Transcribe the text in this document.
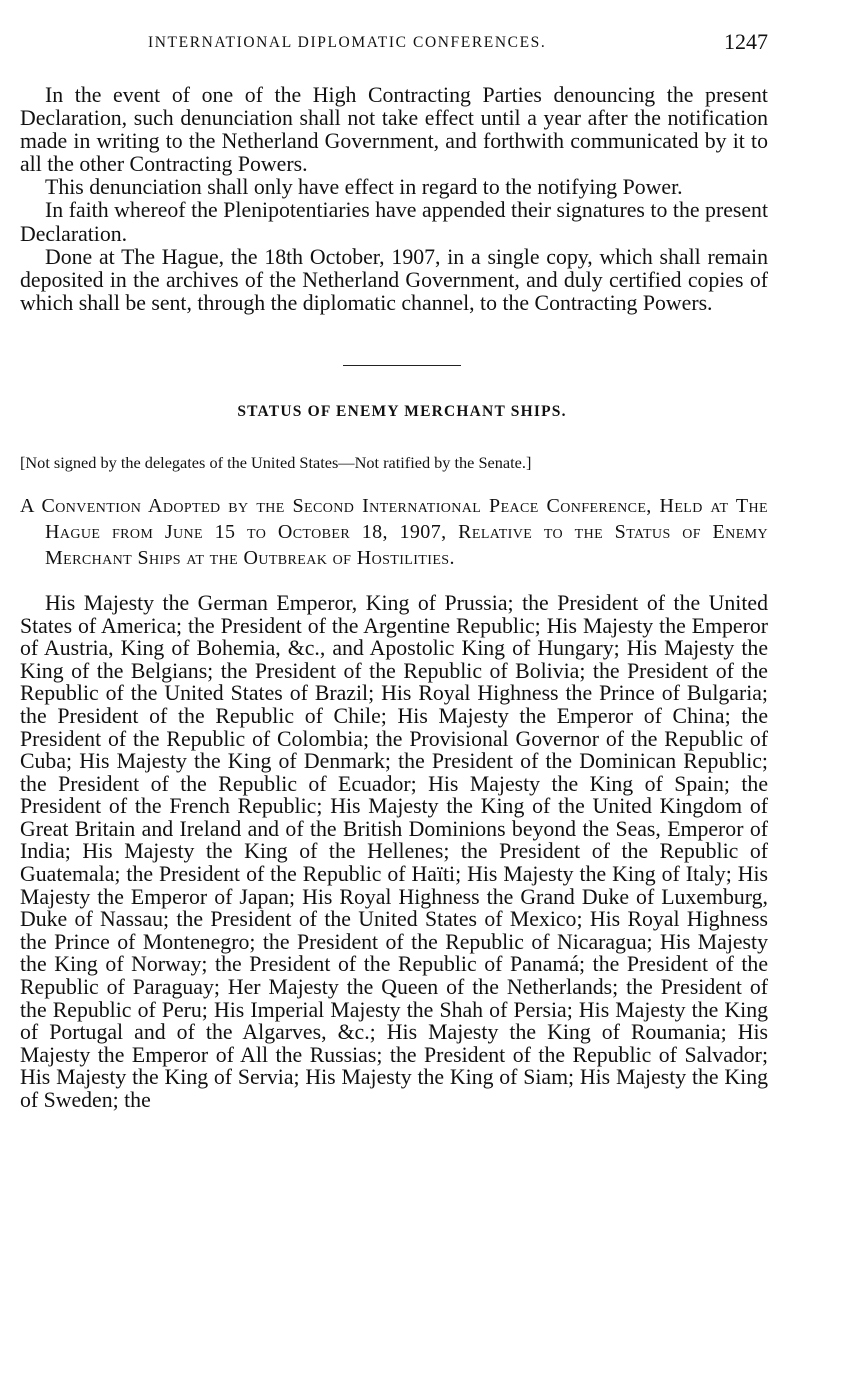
INTERNATIONAL DIPLOMATIC CONFERENCES.	1247

In the event of one of the High Contracting Parties denouncing the present Declaration, such denunciation shall not take effect until a year after the notification made in writing to the Netherland Government, and forthwith communicated by it to all the other Contracting Powers.

This denunciation shall only have effect in regard to the notifying Power.

In faith whereof the Plenipotentiaries have appended their signatures to the present Declaration.

Done at The Hague, the 18th October, 1907, in a single copy, which shall remain deposited in the archives of the Netherland Government, and duly certified copies of which shall be sent, through the diplomatic channel, to the Contracting Powers.

STATUS OF ENEMY MERCHANT SHIPS.

[Not signed by the delegates of the United States—Not ratified by the Senate.]

A Convention Adopted by the Second International Peace Conference, Held at The Hague from June 15 to October 18, 1907, Relative to the Status of Enemy Merchant Ships at the Outbreak of Hostilities.

His Majesty the German Emperor, King of Prussia; the President of the United States of America; the President of the Argentine Republic; His Majesty the Emperor of Austria, King of Bohemia, &c., and Apostolic King of Hungary; His Majesty the King of the Belgians; the President of the Republic of Bolivia; the President of the Republic of the United States of Brazil; His Royal Highness the Prince of Bulgaria; the President of the Republic of Chile; His Majesty the Emperor of China; the President of the Republic of Colombia; the Provisional Governor of the Republic of Cuba; His Majesty the King of Denmark; the President of the Dominican Republic; the President of the Republic of Ecuador; His Majesty the King of Spain; the President of the French Republic; His Majesty the King of the United Kingdom of Great Britain and Ireland and of the British Dominions beyond the Seas, Emperor of India; His Majesty the King of the Hellenes; the President of the Republic of Guatemala; the President of the Republic of Haïti; His Majesty the King of Italy; His Majesty the Emperor of Japan; His Royal Highness the Grand Duke of Luxemburg, Duke of Nassau; the President of the United States of Mexico; His Royal Highness the Prince of Montenegro; the President of the Republic of Nicaragua; His Majesty the King of Norway; the President of the Republic of Panamá; the President of the Republic of Paraguay; Her Majesty the Queen of the Netherlands; the President of the Republic of Peru; His Imperial Majesty the Shah of Persia; His Majesty the King of Portugal and of the Algarves, &c.; His Majesty the King of Roumania; His Majesty the Emperor of All the Russias; the President of the Republic of Salvador; His Majesty the King of Servia; His Majesty the King of Siam; His Majesty the King of Sweden; the
